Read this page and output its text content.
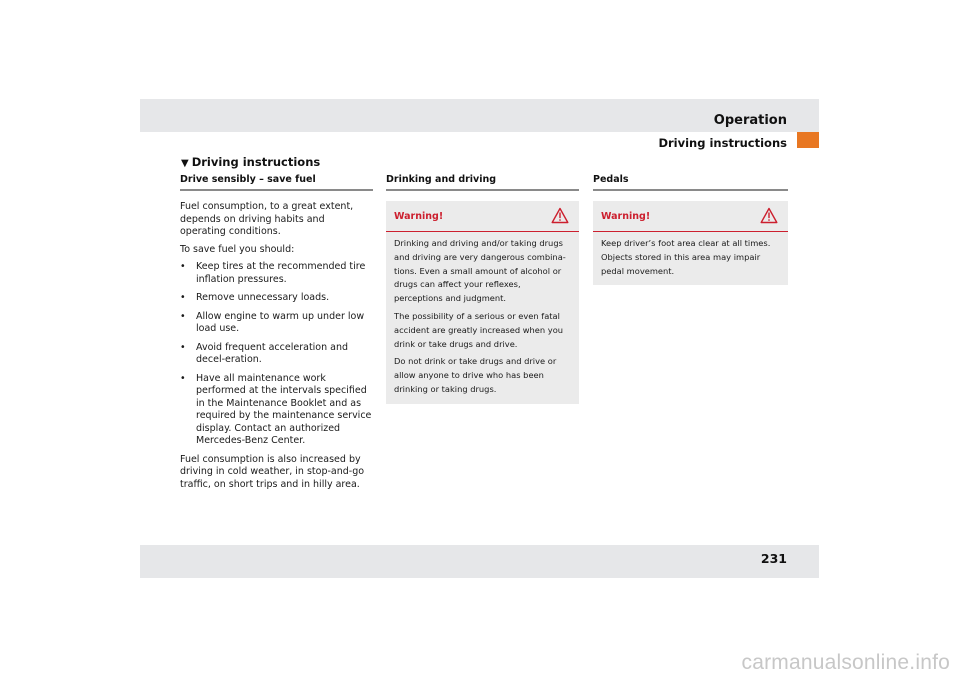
Operation
Driving instructions
▼ Driving instructions
Drive sensibly – save fuel

Fuel consumption, to a great extent, depends on driving habits and operating conditions.

To save fuel you should:

•	Keep tires at the recommended tire inflation pressures.
•	Remove unnecessary loads.
•	Allow engine to warm up under low load use.
•	Avoid frequent acceleration and decel-eration.
•	Have all maintenance work performed at the intervals specified in the Maintenance Booklet and as required by the maintenance service display. Contact an authorized Mercedes-Benz Center.

Fuel consumption is also increased by driving in cold weather, in stop-and-go traffic, on short trips and in hilly area.

Drinking and driving
Warning!

Drinking and driving and/or taking drugs and driving are very dangerous combina-tions. Even a small amount of alcohol or drugs can affect your reflexes, perceptions and judgment.

The possibility of a serious or even fatal accident are greatly increased when you drink or take drugs and drive.

Do not drink or take drugs and drive or allow anyone to drive who has been drinking or taking drugs.

Pedals
Warning!

Keep driver’s foot area clear at all times. Objects stored in this area may impair pedal movement.

231
carmanualsonline.info
